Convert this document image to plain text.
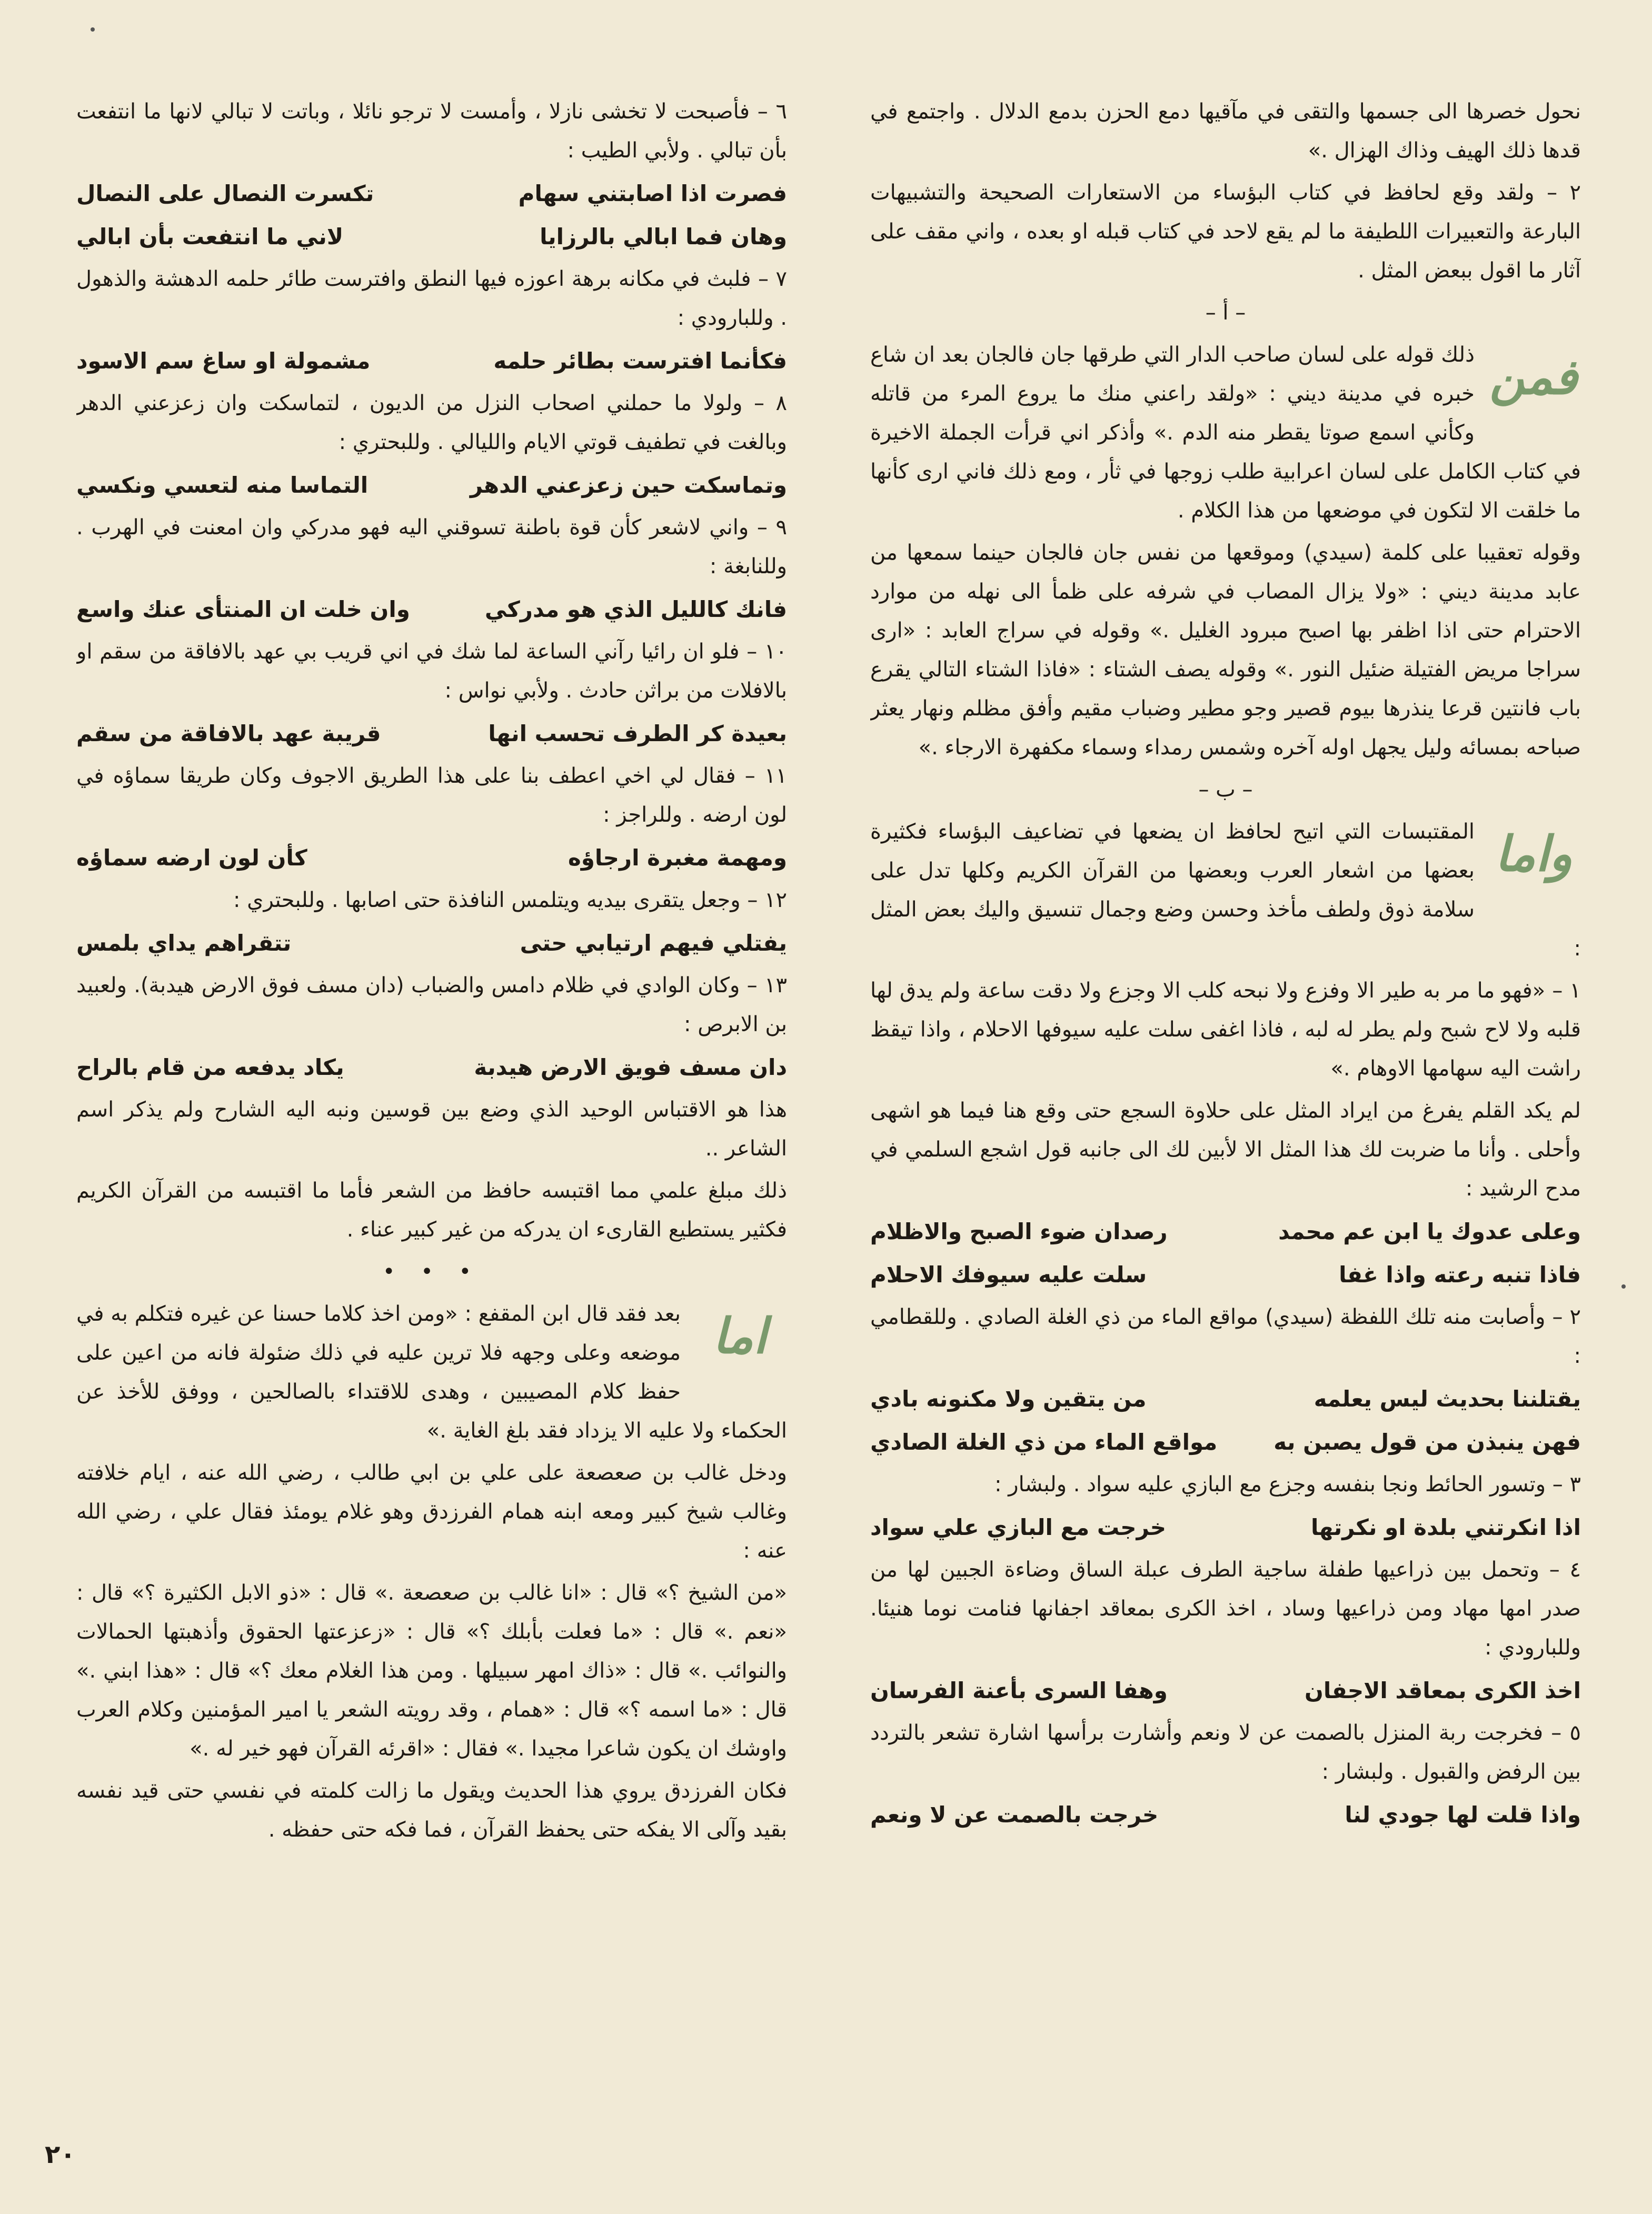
نحول خصرها الى جسمها والتقى في مآقيها دمع الحزن بدمع الدلال . واجتمع في قدها ذلك الهيف وذاك الهزال .»

٢ – ولقد وقع لحافظ في كتاب البؤساء من الاستعارات الصحيحة والتشبيهات البارعة والتعبيرات اللطيفة ما لم يقع لاحد في كتاب قبله او بعده ، واني مقف على آثار ما اقول ببعض المثل .

– أ –

فمن
ذلك قوله على لسان صاحب الدار التي طرقها جان فالجان بعد ان شاع خبره في مدينة ديني : «ولقد راعني منك ما يروع المرء من قاتله وكأني اسمع صوتا يقطر منه الدم .» وأذكر اني قرأت الجملة الاخيرة في كتاب الكامل على لسان اعرابية طلب زوجها في ثأر ، ومع ذلك فاني ارى كأنها ما خلقت الا لتكون في موضعها من هذا الكلام .

وقوله تعقيبا على كلمة (سيدي) وموقعها من نفس جان فالجان حينما سمعها من عابد مدينة ديني : «ولا يزال المصاب في شرفه على ظمأ الى نهله من موارد الاحترام حتى اذا اظفر بها اصبح مبرود الغليل .» وقوله في سراج العابد : «ارى سراجا مريض الفتيلة ضئيل النور .» وقوله يصف الشتاء : «فاذا الشتاء التالي يقرع باب فانتين قرعا ينذرها بيوم قصير وجو مطير وضباب مقيم وأفق مظلم ونهار يعثر صباحه بمسائه وليل يجهل اوله آخره وشمس رمداء وسماء مكفهرة الارجاء .»

– ب –

واما
المقتبسات التي اتيح لحافظ ان يضعها في تضاعيف البؤساء فكثيرة بعضها من اشعار العرب وبعضها من القرآن الكريم وكلها تدل على سلامة ذوق ولطف مأخذ وحسن وضع وجمال تنسيق واليك بعض المثل :

١ – «فهو ما مر به طير الا وفزع ولا نبحه كلب الا وجزع ولا دقت ساعة ولم يدق لها قلبه ولا لاح شبح ولم يطر له لبه ، فاذا اغفى سلت عليه سيوفها الاحلام ، واذا تيقظ راشت اليه سهامها الاوهام .»

لم يكد القلم يفرغ من ايراد المثل على حلاوة السجع حتى وقع هنا فيما هو اشهى وأحلى . وأنا ما ضربت لك هذا المثل الا لأبين لك الى جانبه قول اشجع السلمي في مدح الرشيد :

وعلى عدوك يا ابن عم محمد
رصدان ضوء الصبح والاظلام
فاذا تنبه رعته واذا غفا
سلت عليه سيوفك الاحلام

٢ – وأصابت منه تلك اللفظة (سيدي) مواقع الماء من ذي الغلة الصادي . وللقطامي :

يقتلننا بحديث ليس يعلمه
من يتقين ولا مكنونه بادي
فهن ينبذن من قول يصبن به
مواقع الماء من ذي الغلة الصادي

٣ – وتسور الحائط ونجا بنفسه وجزع مع البازي عليه سواد . ولبشار :

اذا انكرتني بلدة او نكرتها
خرجت مع البازي علي سواد

٤ – وتحمل بين ذراعيها طفلة ساجية الطرف عبلة الساق وضاءة الجبين لها من صدر امها مهاد ومن ذراعيها وساد ، اخذ الكرى بمعاقد اجفانها فنامت نوما هنيئا. وللبارودي :

اخذ الكرى بمعاقد الاجفان
وهفا السرى بأعنة الفرسان

٥ – فخرجت ربة المنزل بالصمت عن لا ونعم وأشارت برأسها اشارة تشعر بالتردد بين الرفض والقبول . ولبشار :

واذا قلت لها جودي لنا
خرجت بالصمت عن لا ونعم

٦ – فأصبحت لا تخشى نازلا ، وأمست لا ترجو نائلا ، وباتت لا تبالي لانها ما انتفعت بأن تبالي . ولأبي الطيب :

فصرت اذا اصابتني سهام
تكسرت النصال على النصال
وهان فما ابالي بالرزايا
لاني ما انتفعت بأن ابالي

٧ – فلبث في مكانه برهة اعوزه فيها النطق وافترست طائر حلمه الدهشة والذهول . وللبارودي :

فكأنما افترست بطائر حلمه
مشمولة او ساغ سم الاسود

٨ – ولولا ما حملني اصحاب النزل من الديون ، لتماسكت وان زعزعني الدهر وبالغت في تطفيف قوتي الايام والليالي . وللبحتري :

وتماسكت حين زعزعني الدهر
التماسا منه لتعسي ونكسي

٩ – واني لاشعر كأن قوة باطنة تسوقني اليه فهو مدركي وان امعنت في الهرب . وللنابغة :

فانك كالليل الذي هو مدركي
وان خلت ان المنتأى عنك واسع

١٠ – فلو ان رائيا رآني الساعة لما شك في اني قريب بي عهد بالافاقة من سقم او بالافلات من براثن حادث . ولأبي نواس :

بعيدة كر الطرف تحسب انها
قريبة عهد بالافاقة من سقم

١١ – فقال لي اخي اعطف بنا على هذا الطريق الاجوف وكان طريقا سماؤه في لون ارضه . وللراجز :

ومهمة مغبرة ارجاؤه
كأن لون ارضه سماؤه

١٢ – وجعل يتقرى بيديه ويتلمس النافذة حتى اصابها . وللبحتري :

يفتلي فيهم ارتيابي حتى
تتقراهم يداي بلمس

١٣ – وكان الوادي في ظلام دامس والضباب (دان مسف فوق الارض هيدبة). ولعبيد بن الابرص :

دان مسف فويق الارض هيدبة
يكاد يدفعه من قام بالراح

هذا هو الاقتباس الوحيد الذي وضع بين قوسين ونبه اليه الشارح ولم يذكر اسم الشاعر ..

ذلك مبلغ علمي مما اقتبسه حافظ من الشعر فأما ما اقتبسه من القرآن الكريم فكثير يستطيع القارىء ان يدركه من غير كبير عناء .

• • •

اما
بعد فقد قال ابن المقفع : «ومن اخذ كلاما حسنا عن غيره فتكلم به في موضعه وعلى وجهه فلا ترين عليه في ذلك ضئولة فانه من اعين على حفظ كلام المصيبين ، وهدى للاقتداء بالصالحين ، ووفق للأخذ عن الحكماء ولا عليه الا يزداد فقد بلغ الغاية .»

ودخل غالب بن صعصعة على علي بن ابي طالب ، رضي الله عنه ، ايام خلافته وغالب شيخ كبير ومعه ابنه همام الفرزدق وهو غلام يومئذ فقال علي ، رضي الله عنه :

«من الشيخ ؟» قال : «انا غالب بن صعصعة .» قال : «ذو الابل الكثيرة ؟» قال : «نعم .» قال : «ما فعلت بأبلك ؟» قال : «زعزعتها الحقوق وأذهبتها الحمالات والنوائب .» قال : «ذاك امهر سبيلها . ومن هذا الغلام معك ؟» قال : «هذا ابني .» قال : «ما اسمه ؟» قال : «همام ، وقد رويته الشعر يا امير المؤمنين وكلام العرب واوشك ان يكون شاعرا مجيدا .» فقال : «اقرئه القرآن فهو خير له .»

فكان الفرزدق يروي هذا الحديث ويقول ما زالت كلمته في نفسي حتى قيد نفسه بقيد وآلى الا يفكه حتى يحفظ القرآن ، فما فكه حتى حفظه .

٢٠
